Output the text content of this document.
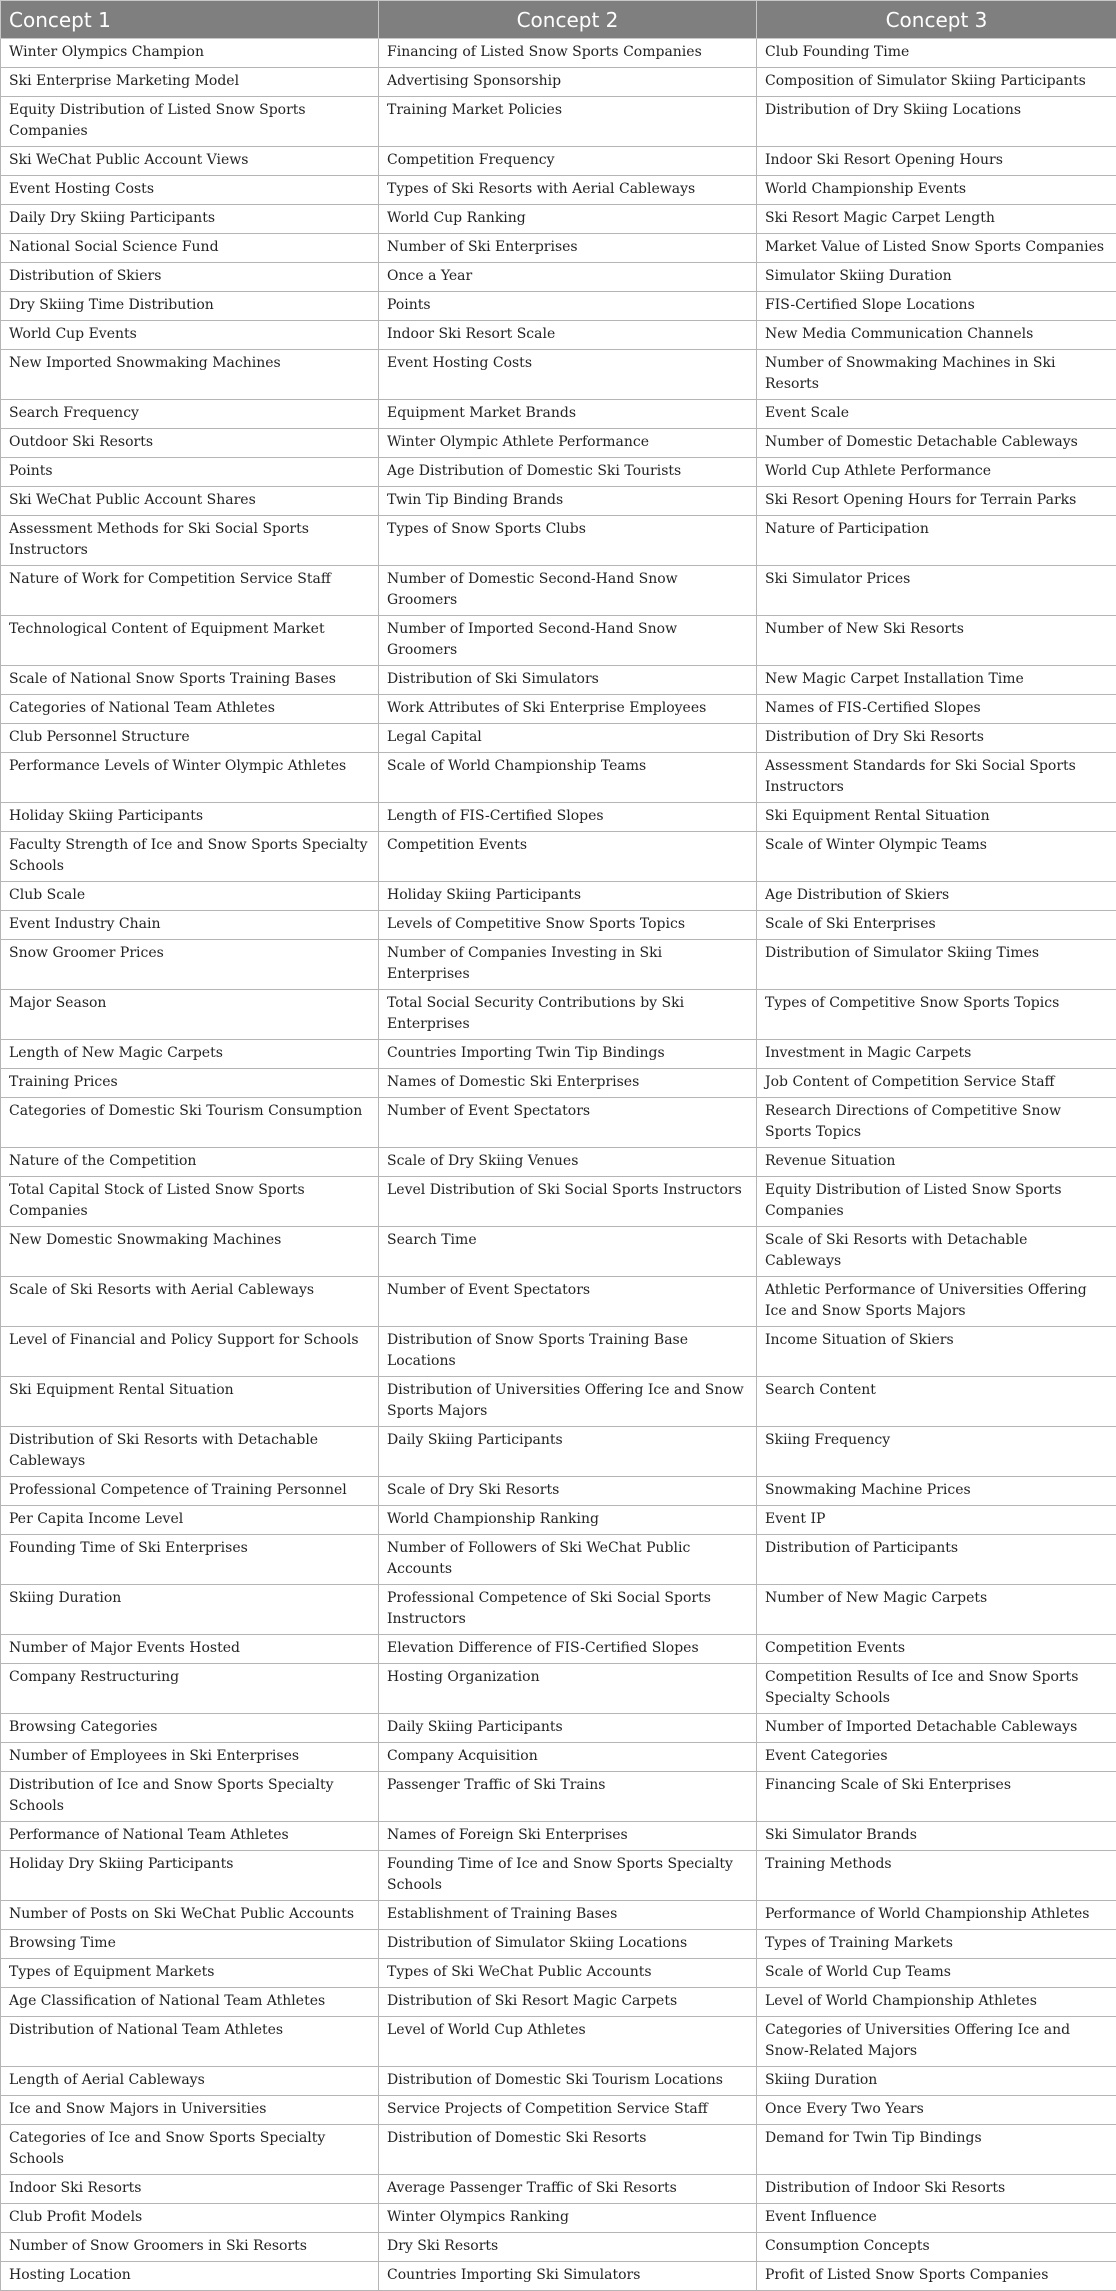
Concept 1	Concept 2	Concept 3
Winter Olympics Champion	Financing of Listed Snow Sports Companies	Club Founding Time
Ski Enterprise Marketing Model	Advertising Sponsorship	Composition of Simulator Skiing Participants
Equity Distribution of Listed Snow Sports Companies	Training Market Policies	Distribution of Dry Skiing Locations
Ski WeChat Public Account Views	Competition Frequency	Indoor Ski Resort Opening Hours
Event Hosting Costs	Types of Ski Resorts with Aerial Cableways	World Championship Events
Daily Dry Skiing Participants	World Cup Ranking	Ski Resort Magic Carpet Length
National Social Science Fund	Number of Ski Enterprises	Market Value of Listed Snow Sports Companies
Distribution of Skiers	Once a Year	Simulator Skiing Duration
Dry Skiing Time Distribution	Points	FIS-Certified Slope Locations
World Cup Events	Indoor Ski Resort Scale	New Media Communication Channels
New Imported Snowmaking Machines	Event Hosting Costs	Number of Snowmaking Machines in Ski Resorts
Search Frequency	Equipment Market Brands	Event Scale
Outdoor Ski Resorts	Winter Olympic Athlete Performance	Number of Domestic Detachable Cableways
Points	Age Distribution of Domestic Ski Tourists	World Cup Athlete Performance
Ski WeChat Public Account Shares	Twin Tip Binding Brands	Ski Resort Opening Hours for Terrain Parks
Assessment Methods for Ski Social Sports Instructors	Types of Snow Sports Clubs	Nature of Participation
Nature of Work for Competition Service Staff	Number of Domestic Second-Hand Snow Groomers	Ski Simulator Prices
Technological Content of Equipment Market	Number of Imported Second-Hand Snow Groomers	Number of New Ski Resorts
Scale of National Snow Sports Training Bases	Distribution of Ski Simulators	New Magic Carpet Installation Time
Categories of National Team Athletes	Work Attributes of Ski Enterprise Employees	Names of FIS-Certified Slopes
Club Personnel Structure	Legal Capital	Distribution of Dry Ski Resorts
Performance Levels of Winter Olympic Athletes	Scale of World Championship Teams	Assessment Standards for Ski Social Sports Instructors
Holiday Skiing Participants	Length of FIS-Certified Slopes	Ski Equipment Rental Situation
Faculty Strength of Ice and Snow Sports Specialty Schools	Competition Events	Scale of Winter Olympic Teams
Club Scale	Holiday Skiing Participants	Age Distribution of Skiers
Event Industry Chain	Levels of Competitive Snow Sports Topics	Scale of Ski Enterprises
Snow Groomer Prices	Number of Companies Investing in Ski Enterprises	Distribution of Simulator Skiing Times
Major Season	Total Social Security Contributions by Ski Enterprises	Types of Competitive Snow Sports Topics
Length of New Magic Carpets	Countries Importing Twin Tip Bindings	Investment in Magic Carpets
Training Prices	Names of Domestic Ski Enterprises	Job Content of Competition Service Staff
Categories of Domestic Ski Tourism Consumption	Number of Event Spectators	Research Directions of Competitive Snow Sports Topics
Nature of the Competition	Scale of Dry Skiing Venues	Revenue Situation
Total Capital Stock of Listed Snow Sports Companies	Level Distribution of Ski Social Sports Instructors	Equity Distribution of Listed Snow Sports Companies
New Domestic Snowmaking Machines	Search Time	Scale of Ski Resorts with Detachable Cableways
Scale of Ski Resorts with Aerial Cableways	Number of Event Spectators	Athletic Performance of Universities Offering Ice and Snow Sports Majors
Level of Financial and Policy Support for Schools	Distribution of Snow Sports Training Base Locations	Income Situation of Skiers
Ski Equipment Rental Situation	Distribution of Universities Offering Ice and Snow Sports Majors	Search Content
Distribution of Ski Resorts with Detachable Cableways	Daily Skiing Participants	Skiing Frequency
Professional Competence of Training Personnel	Scale of Dry Ski Resorts	Snowmaking Machine Prices
Per Capita Income Level	World Championship Ranking	Event IP
Founding Time of Ski Enterprises	Number of Followers of Ski WeChat Public Accounts	Distribution of Participants
Skiing Duration	Professional Competence of Ski Social Sports Instructors	Number of New Magic Carpets
Number of Major Events Hosted	Elevation Difference of FIS-Certified Slopes	Competition Events
Company Restructuring	Hosting Organization	Competition Results of Ice and Snow Sports Specialty Schools
Browsing Categories	Daily Skiing Participants	Number of Imported Detachable Cableways
Number of Employees in Ski Enterprises	Company Acquisition	Event Categories
Distribution of Ice and Snow Sports Specialty Schools	Passenger Traffic of Ski Trains	Financing Scale of Ski Enterprises
Performance of National Team Athletes	Names of Foreign Ski Enterprises	Ski Simulator Brands
Holiday Dry Skiing Participants	Founding Time of Ice and Snow Sports Specialty Schools	Training Methods
Number of Posts on Ski WeChat Public Accounts	Establishment of Training Bases	Performance of World Championship Athletes
Browsing Time	Distribution of Simulator Skiing Locations	Types of Training Markets
Types of Equipment Markets	Types of Ski WeChat Public Accounts	Scale of World Cup Teams
Age Classification of National Team Athletes	Distribution of Ski Resort Magic Carpets	Level of World Championship Athletes
Distribution of National Team Athletes	Level of World Cup Athletes	Categories of Universities Offering Ice and Snow-Related Majors
Length of Aerial Cableways	Distribution of Domestic Ski Tourism Locations	Skiing Duration
Ice and Snow Majors in Universities	Service Projects of Competition Service Staff	Once Every Two Years
Categories of Ice and Snow Sports Specialty Schools	Distribution of Domestic Ski Resorts	Demand for Twin Tip Bindings
Indoor Ski Resorts	Average Passenger Traffic of Ski Resorts	Distribution of Indoor Ski Resorts
Club Profit Models	Winter Olympics Ranking	Event Influence
Number of Snow Groomers in Ski Resorts	Dry Ski Resorts	Consumption Concepts
Hosting Location	Countries Importing Ski Simulators	Profit of Listed Snow Sports Companies
